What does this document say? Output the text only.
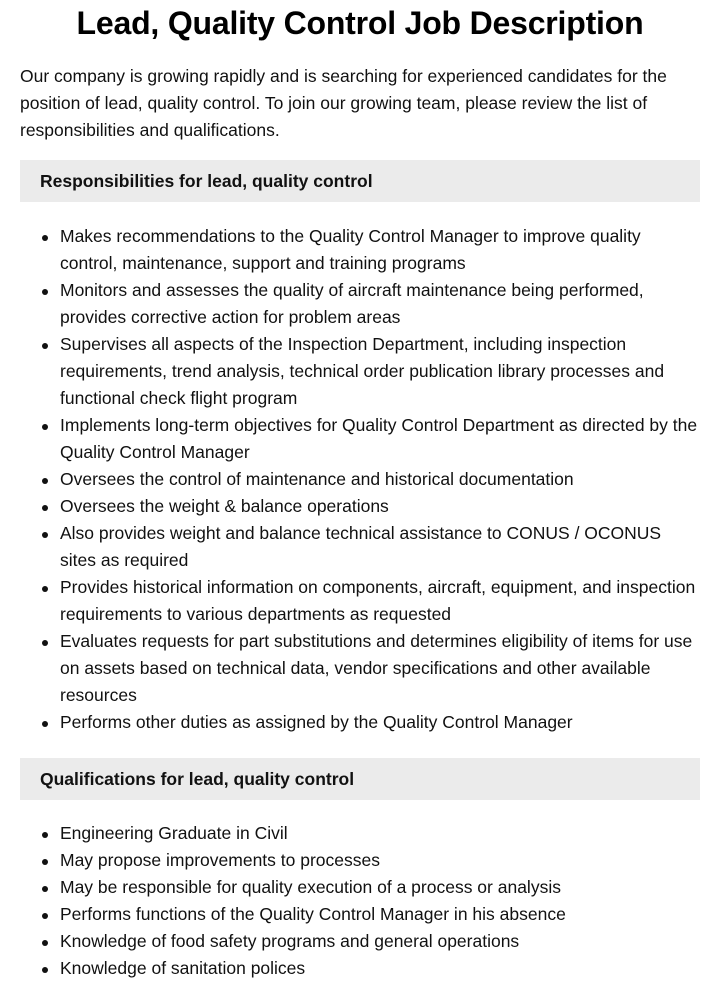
Lead, Quality Control Job Description

Our company is growing rapidly and is searching for experienced candidates for the position of lead, quality control. To join our growing team, please review the list of responsibilities and qualifications.

Responsibilities for lead, quality control
Makes recommendations to the Quality Control Manager to improve quality control, maintenance, support and training programs
Monitors and assesses the quality of aircraft maintenance being performed, provides corrective action for problem areas
Supervises all aspects of the Inspection Department, including inspection requirements, trend analysis, technical order publication library processes and functional check flight program
Implements long-term objectives for Quality Control Department as directed by the Quality Control Manager
Oversees the control of maintenance and historical documentation
Oversees the weight & balance operations
Also provides weight and balance technical assistance to CONUS / OCONUS sites as required
Provides historical information on components, aircraft, equipment, and inspection requirements to various departments as requested
Evaluates requests for part substitutions and determines eligibility of items for use on assets based on technical data, vendor specifications and other available resources
Performs other duties as assigned by the Quality Control Manager
Qualifications for lead, quality control
Engineering Graduate in Civil
May propose improvements to processes
May be responsible for quality execution of a process or analysis
Performs functions of the Quality Control Manager in his absence
Knowledge of food safety programs and general operations
Knowledge of sanitation polices
